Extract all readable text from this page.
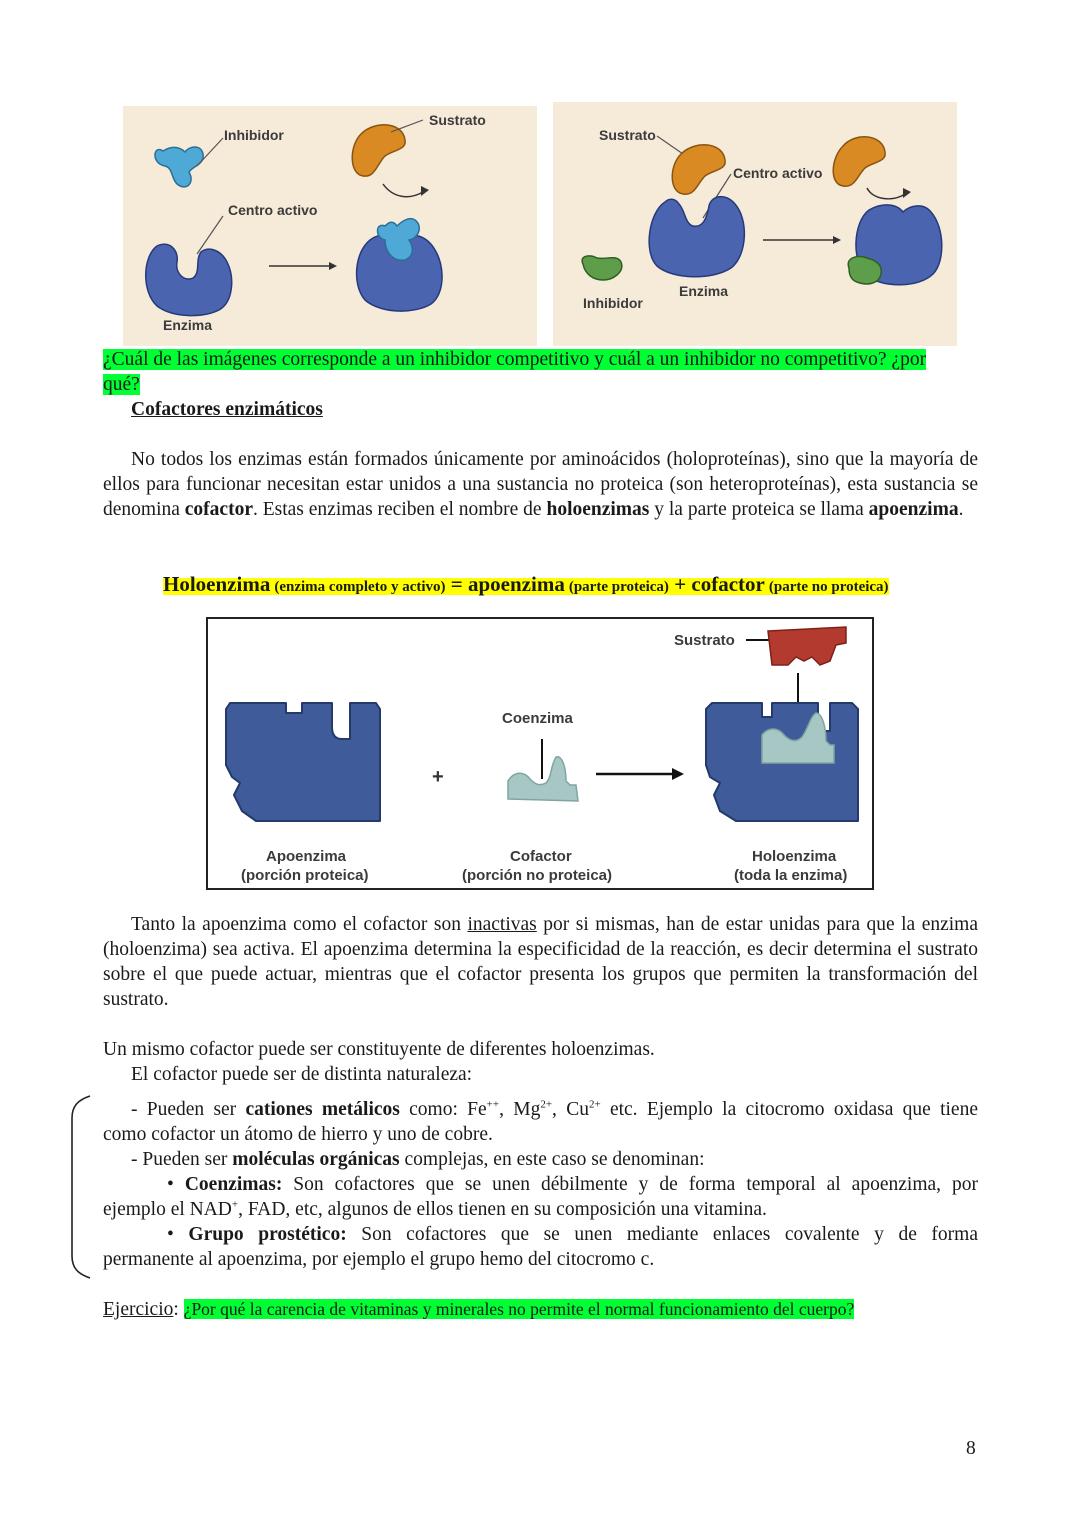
Inhibidor
Sustrato
Centro activo
Enzima
Sustrato
Centro activo
Inhibidor
Enzima
¿Cuál de las imágenes corresponde a un inhibidor competitivo y cuál a un inhibidor no competitivo? ¿por
qué?
Cofactores enzimáticos
No todos los enzimas están formados únicamente por aminoácidos (holoproteínas), sino que la mayoría de ellos para funcionar necesitan estar unidos a una sustancia no proteica (son heteroproteínas), esta sustancia se denomina cofactor. Estas enzimas reciben el nombre de holoenzimas y la parte proteica se llama apoenzima.
Holoenzima (enzima completo y activo) = apoenzima (parte proteica) + cofactor (parte no proteica)
+
Coenzima
Sustrato
Apoenzima
(porción proteica)
Cofactor
(porción no proteica)
Holoenzima
(toda la enzima)
Tanto la apoenzima como el cofactor son inactivas por si mismas, han de estar unidas para que la enzima (holoenzima) sea activa. El apoenzima determina la especificidad de la reacción, es decir determina el sustrato sobre el que puede actuar, mientras que el cofactor presenta los grupos que permiten la transformación del sustrato.
Un mismo cofactor puede ser constituyente de diferentes holoenzimas.
El cofactor puede ser de distinta naturaleza:
- Pueden ser cationes metálicos como: Fe++, $Mg^{2+}$, $Cu^{2+}$ etc. Ejemplo la citocromo oxidasa que tiene
como cofactor un átomo de hierro y uno de cobre.
- Pueden ser moléculas orgánicas complejas, en este caso se denominan:
• Coenzimas: Son cofactores que se unen débilmente y de forma temporal al apoenzima, por
ejemplo el NAD+, FAD, etc, algunos de ellos tienen en su composición una vitamina.
• Grupo prostético: Son cofactores que se unen mediante enlaces covalente y de forma
permanente al apoenzima, por ejemplo el grupo hemo del citocromo c.
Ejercicio: ¿Por qué la carencia de vitaminas y minerales no permite el normal funcionamiento del cuerpo?
8
